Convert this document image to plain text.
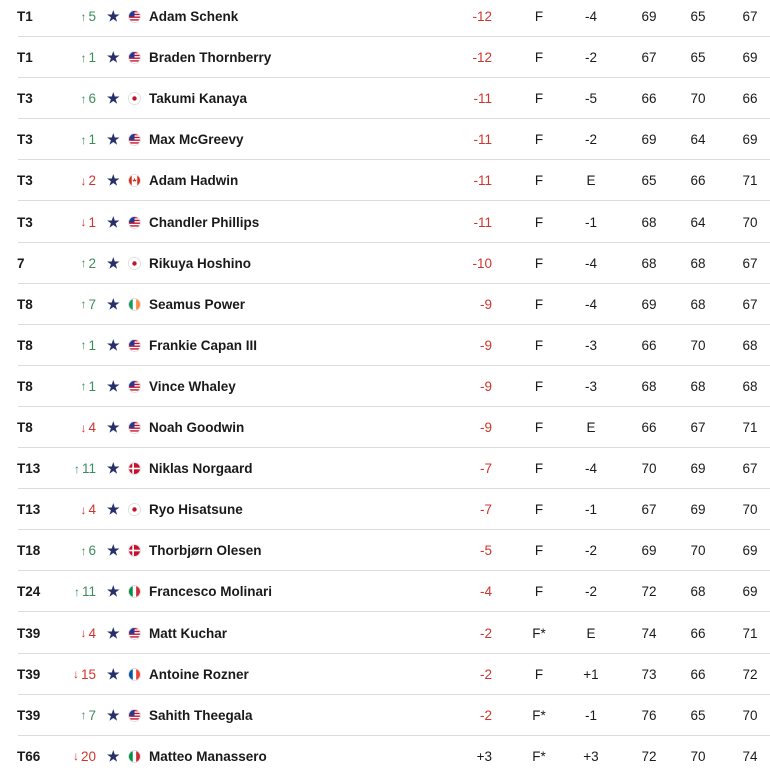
T1	↑ 5 ★ Adam Schenk	-12	F	-4	69	65	67
T1	↑ 1 ★ Braden Thornberry	-12	F	-2	67	65	69
T3	↑ 6 ★ Takumi Kanaya	-11	F	-5	66	70	66
T3	↑ 1 ★ Max McGreevy	-11	F	-2	69	64	69
T3	↓ 2 ★ Adam Hadwin	-11	F	E	65	66	71
T3	↓ 1 ★ Chandler Phillips	-11	F	-1	68	64	70
7	↑ 2 ★ Rikuya Hoshino	-10	F	-4	68	68	67
T8	↑ 7 ★ Seamus Power	-9	F	-4	69	68	67
T8	↑ 1 ★ Frankie Capan III	-9	F	-3	66	70	68
T8	↑ 1 ★ Vince Whaley	-9	F	-3	68	68	68
T8	↓ 4 ★ Noah Goodwin	-9	F	E	66	67	71
T13	↑ 11 ★ Niklas Norgaard	-7	F	-4	70	69	67
T13	↓ 4 ★ Ryo Hisatsune	-7	F	-1	67	69	70
T18	↑ 6 ★ Thorbjørn Olesen	-5	F	-2	69	70	69
T24	↑ 11 ★ Francesco Molinari	-4	F	-2	72	68	69
T39	↓ 4 ★ Matt Kuchar	-2	F*	E	74	66	71
T39	↓ 15 ★ Antoine Rozner	-2	F	+1	73	66	72
T39	↑ 7 ★ Sahith Theegala	-2	F*	-1	76	65	70
T66	↓ 20 ★ Matteo Manassero	+3	F*	+3	72	70	74
